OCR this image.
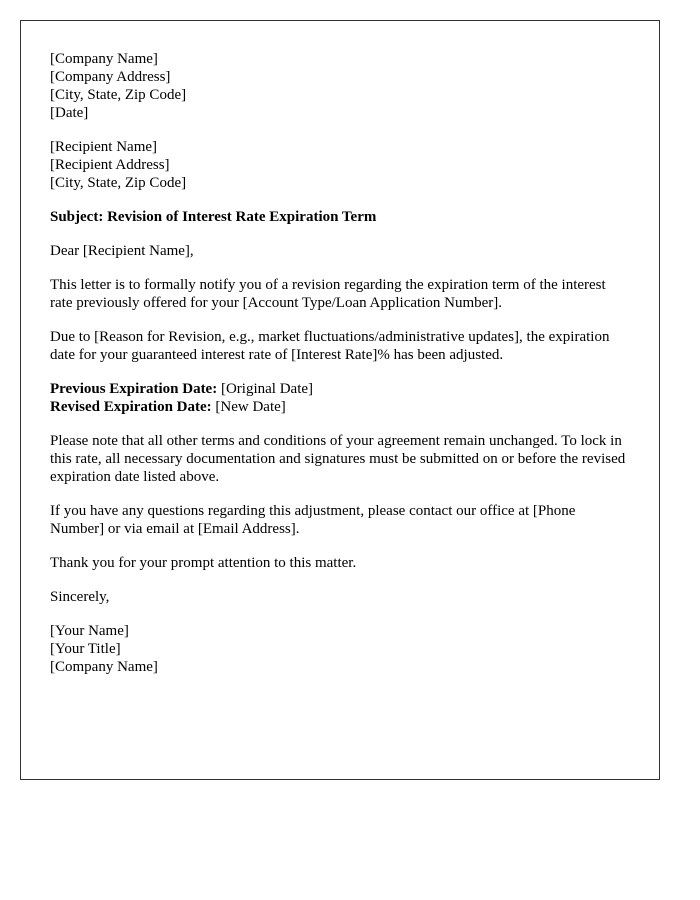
[Company Name]
[Company Address]
[City, State, Zip Code]
[Date]
[Recipient Name]
[Recipient Address]
[City, State, Zip Code]

Subject: Revision of Interest Rate Expiration Term

Dear [Recipient Name],

This letter is to formally notify you of a revision regarding the expiration term of the interest rate previously offered for your [Account Type/Loan Application Number].

Due to [Reason for Revision, e.g., market fluctuations/administrative updates], the expiration date for your guaranteed interest rate of [Interest Rate]% has been adjusted.

Previous Expiration Date: [Original Date]
Revised Expiration Date: [New Date]

Please note that all other terms and conditions of your agreement remain unchanged. To lock in this rate, all necessary documentation and signatures must be submitted on or before the revised expiration date listed above.

If you have any questions regarding this adjustment, please contact our office at [Phone Number] or via email at [Email Address].

Thank you for your prompt attention to this matter.

Sincerely,

[Your Name]
[Your Title]
[Company Name]
